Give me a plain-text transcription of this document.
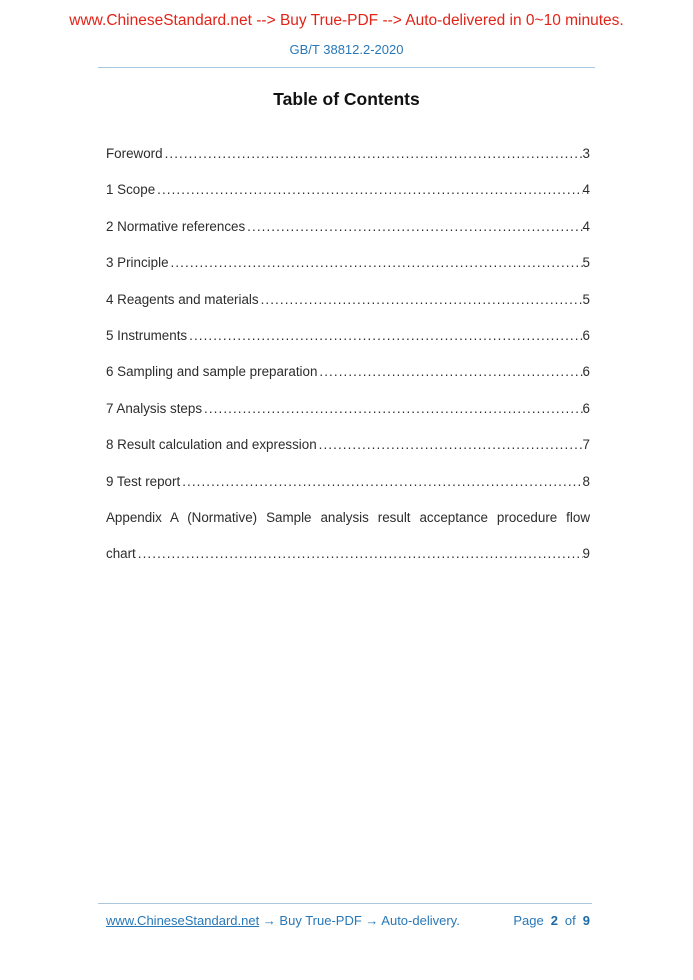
www.ChineseStandard.net --> Buy True-PDF --> Auto-delivered in 0~10 minutes.
GB/T 38812.2-2020
Table of Contents
Foreword .....	3
1 Scope .....	4
2 Normative references .....	4
3 Principle .....	5
4 Reagents and materials .....	5
5 Instruments .....	6
6 Sampling and sample preparation .....	6
7 Analysis steps .....	6
8 Result calculation and expression .....	7
9 Test report .....	8
Appendix A (Normative) Sample analysis result acceptance procedure flow
chart .....	9
www.ChineseStandard.net → Buy True-PDF → Auto-delivery.	Page 2 of 9
